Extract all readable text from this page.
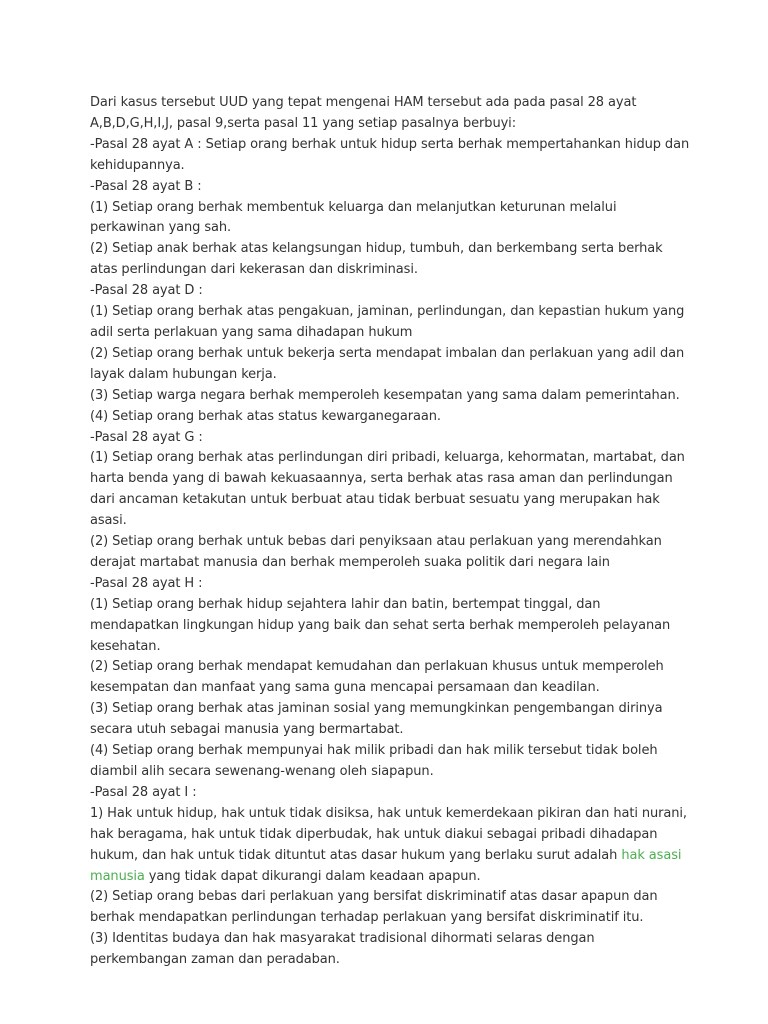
Dari kasus tersebut UUD yang tepat mengenai HAM tersebut ada pada pasal 28 ayat A,B,D,G,H,I,J, pasal 9,serta pasal 11 yang setiap pasalnya berbuyi:

-Pasal 28 ayat A : Setiap orang berhak untuk hidup serta berhak mempertahankan hidup dan kehidupannya.

-Pasal 28 ayat B :

(1) Setiap orang berhak membentuk keluarga dan melanjutkan keturunan melalui perkawinan yang sah.

(2) Setiap anak berhak atas kelangsungan hidup, tumbuh, dan berkembang serta berhak atas perlindungan dari kekerasan dan diskriminasi.

-Pasal 28 ayat D :

(1) Setiap orang berhak atas pengakuan, jaminan, perlindungan, dan kepastian hukum yang adil serta perlakuan yang sama dihadapan hukum

(2) Setiap orang berhak untuk bekerja serta mendapat imbalan dan perlakuan yang adil dan layak dalam hubungan kerja.

(3) Setiap warga negara berhak memperoleh kesempatan yang sama dalam pemerintahan.

(4) Setiap orang berhak atas status kewarganegaraan.

-Pasal 28 ayat G :

(1) Setiap orang berhak atas perlindungan diri pribadi, keluarga, kehormatan, martabat, dan harta benda yang di bawah kekuasaannya, serta berhak atas rasa aman dan perlindungan dari ancaman ketakutan untuk berbuat atau tidak berbuat sesuatu yang merupakan hak asasi.

(2) Setiap orang berhak untuk bebas dari penyiksaan atau perlakuan yang merendahkan derajat martabat manusia dan berhak memperoleh suaka politik dari negara lain

-Pasal 28 ayat H :

(1) Setiap orang berhak hidup sejahtera lahir dan batin, bertempat tinggal, dan mendapatkan lingkungan hidup yang baik dan sehat serta berhak memperoleh pelayanan kesehatan.

(2) Setiap orang berhak mendapat kemudahan dan perlakuan khusus untuk memperoleh kesempatan dan manfaat yang sama guna mencapai persamaan dan keadilan.

(3) Setiap orang berhak atas jaminan sosial yang memungkinkan pengembangan dirinya secara utuh sebagai manusia yang bermartabat.

(4) Setiap orang berhak mempunyai hak milik pribadi dan hak milik tersebut tidak boleh diambil alih secara sewenang-wenang oleh siapapun.

-Pasal 28 ayat I :

1) Hak untuk hidup, hak untuk tidak disiksa, hak untuk kemerdekaan pikiran dan hati nurani, hak beragama, hak untuk tidak diperbudak, hak untuk diakui sebagai pribadi dihadapan hukum, dan hak untuk tidak dituntut atas dasar hukum yang berlaku surut adalah hak asasi manusia yang tidak dapat dikurangi dalam keadaan apapun.

(2) Setiap orang bebas dari perlakuan yang bersifat diskriminatif atas dasar apapun dan berhak mendapatkan perlindungan terhadap perlakuan yang bersifat diskriminatif itu.

(3) Identitas budaya dan hak masyarakat tradisional dihormati selaras dengan perkembangan zaman dan peradaban.
